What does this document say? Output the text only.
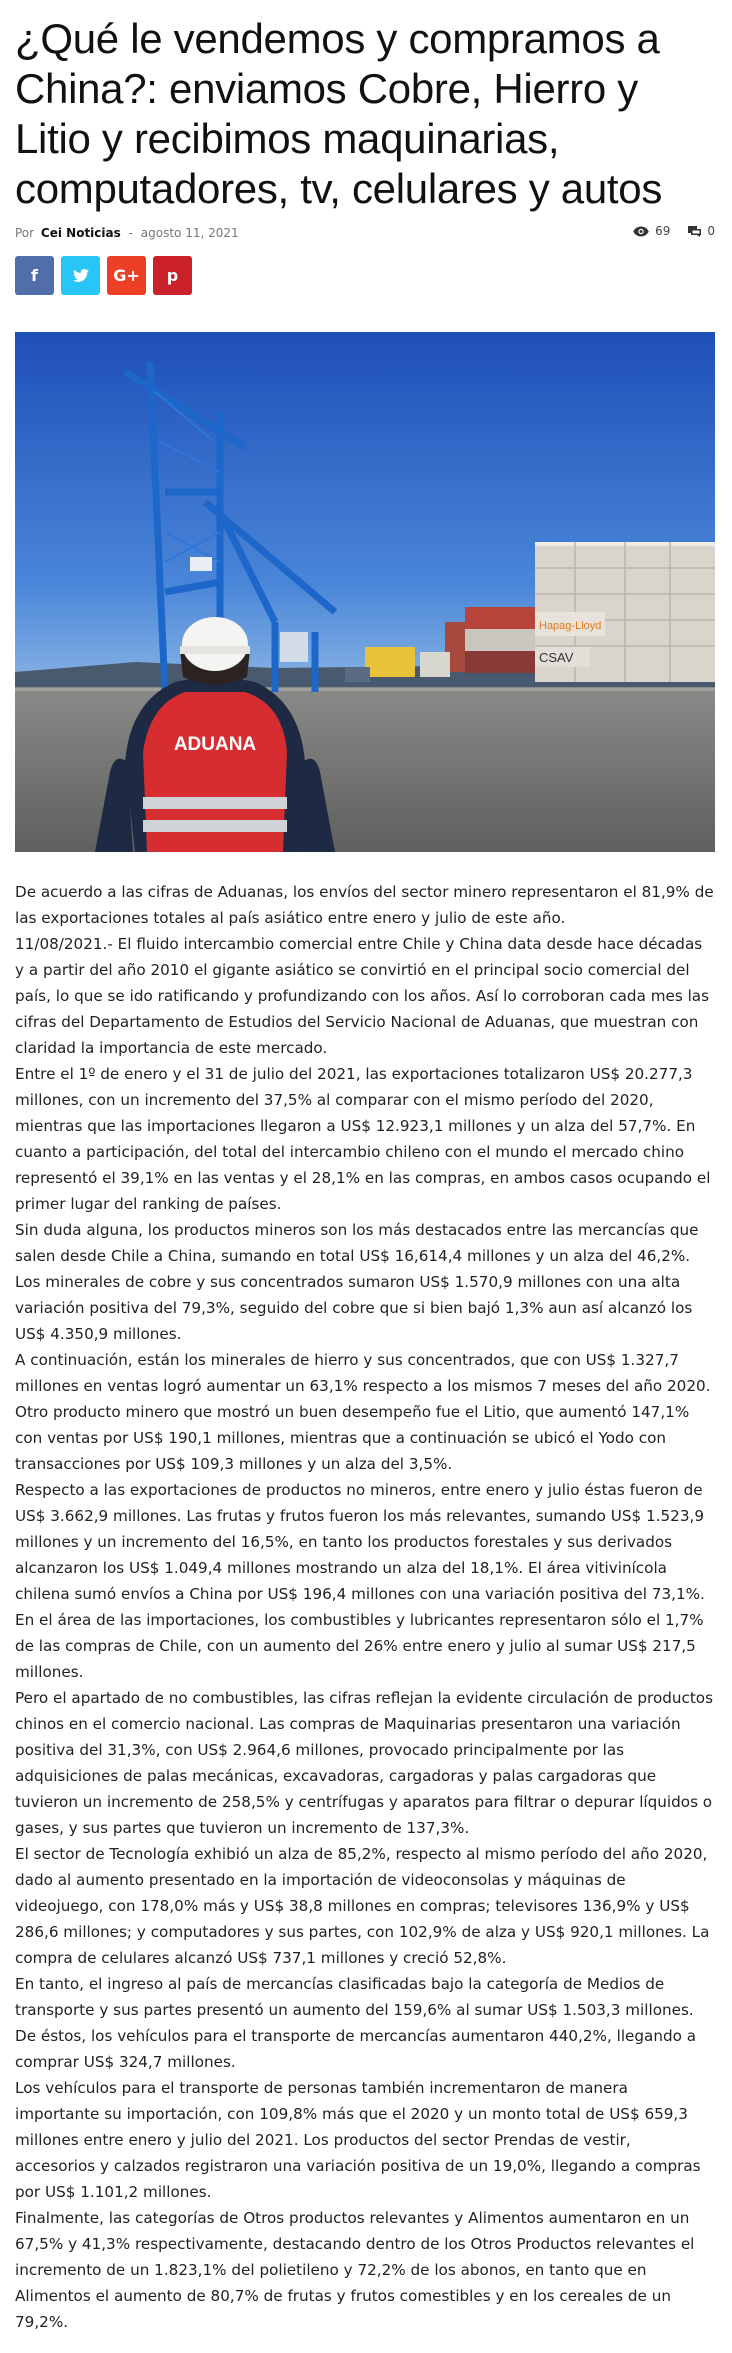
¿Qué le vendemos y compramos a China?: enviamos Cobre, Hierro y Litio y recibimos maquinarias, computadores, tv, celulares y autos
Por Cei Noticias - agosto 11, 2021	69	0
f	G+ p
Hapag-Lloyd
CSAV
ADUANA

De acuerdo a las cifras de Aduanas, los envíos del sector minero representaron el 81,9% de las exportaciones totales al país asiático entre enero y julio de este año.

11/08/2021.- El fluido intercambio comercial entre Chile y China data desde hace décadas y a partir del año 2010 el gigante asiático se convirtió en el principal socio comercial del país, lo que se ido ratificando y profundizando con los años. Así lo corroboran cada mes las cifras del Departamento de Estudios del Servicio Nacional de Aduanas, que muestran con claridad la importancia de este mercado.

Entre el 1º de enero y el 31 de julio del 2021, las exportaciones totalizaron US$ 20.277,3 millones, con un incremento del 37,5% al comparar con el mismo período del 2020, mientras que las importaciones llegaron a US$ 12.923,1 millones y un alza del 57,7%. En cuanto a participación, del total del intercambio chileno con el mundo el mercado chino representó el 39,1% en las ventas y el 28,1% en las compras, en ambos casos ocupando el primer lugar del ranking de países.

Sin duda alguna, los productos mineros son los más destacados entre las mercancías que salen desde Chile a China, sumando en total US$ 16,614,4 millones y un alza del 46,2%. Los minerales de cobre y sus concentrados sumaron US$ 1.570,9 millones con una alta variación positiva del 79,3%, seguido del cobre que si bien bajó 1,3% aun así alcanzó los US$ 4.350,9 millones.

A continuación, están los minerales de hierro y sus concentrados, que con US$ 1.327,7 millones en ventas logró aumentar un 63,1% respecto a los mismos 7 meses del año 2020. Otro producto minero que mostró un buen desempeño fue el Litio, que aumentó 147,1% con ventas por US$ 190,1 millones, mientras que a continuación se ubicó el Yodo con transacciones por US$ 109,3 millones y un alza del 3,5%.

Respecto a las exportaciones de productos no mineros, entre enero y julio éstas fueron de US$ 3.662,9 millones. Las frutas y frutos fueron los más relevantes, sumando US$ 1.523,9 millones y un incremento del 16,5%, en tanto los productos forestales y sus derivados alcanzaron los US$ 1.049,4 millones mostrando un alza del 18,1%. El área vitivinícola chilena sumó envíos a China por US$ 196,4 millones con una variación positiva del 73,1%.

En el área de las importaciones, los combustibles y lubricantes representaron sólo el 1,7% de las compras de Chile, con un aumento del 26% entre enero y julio al sumar US$ 217,5 millones.

Pero el apartado de no combustibles, las cifras reflejan la evidente circulación de productos chinos en el comercio nacional. Las compras de Maquinarias presentaron una variación positiva del 31,3%, con US$ 2.964,6 millones, provocado principalmente por las adquisiciones de palas mecánicas, excavadoras, cargadoras y palas cargadoras que tuvieron un incremento de 258,5% y centrífugas y aparatos para filtrar o depurar líquidos o gases, y sus partes que tuvieron un incremento de 137,3%.

El sector de Tecnología exhibió un alza de 85,2%, respecto al mismo período del año 2020, dado al aumento presentado en la importación de videoconsolas y máquinas de videojuego, con 178,0% más y US$ 38,8 millones en compras; televisores 136,9% y US$ 286,6 millones; y computadores y sus partes, con 102,9% de alza y US$ 920,1 millones. La compra de celulares alcanzó US$ 737,1 millones y creció 52,8%.

En tanto, el ingreso al país de mercancías clasificadas bajo la categoría de Medios de transporte y sus partes presentó un aumento del 159,6% al sumar US$ 1.503,3 millones. De éstos, los vehículos para el transporte de mercancías aumentaron 440,2%, llegando a comprar US$ 324,7 millones.

Los vehículos para el transporte de personas también incrementaron de manera importante su importación, con 109,8% más que el 2020 y un monto total de US$ 659,3 millones entre enero y julio del 2021. Los productos del sector Prendas de vestir, accesorios y calzados registraron una variación positiva de un 19,0%, llegando a compras por US$ 1.101,2 millones.

Finalmente, las categorías de Otros productos relevantes y Alimentos aumentaron en un 67,5% y 41,3% respectivamente, destacando dentro de los Otros Productos relevantes el incremento de un 1.823,1% del polietileno y 72,2% de los abonos, en tanto que en Alimentos el aumento de 80,7% de frutas y frutos comestibles y en los cereales de un 79,2%.
